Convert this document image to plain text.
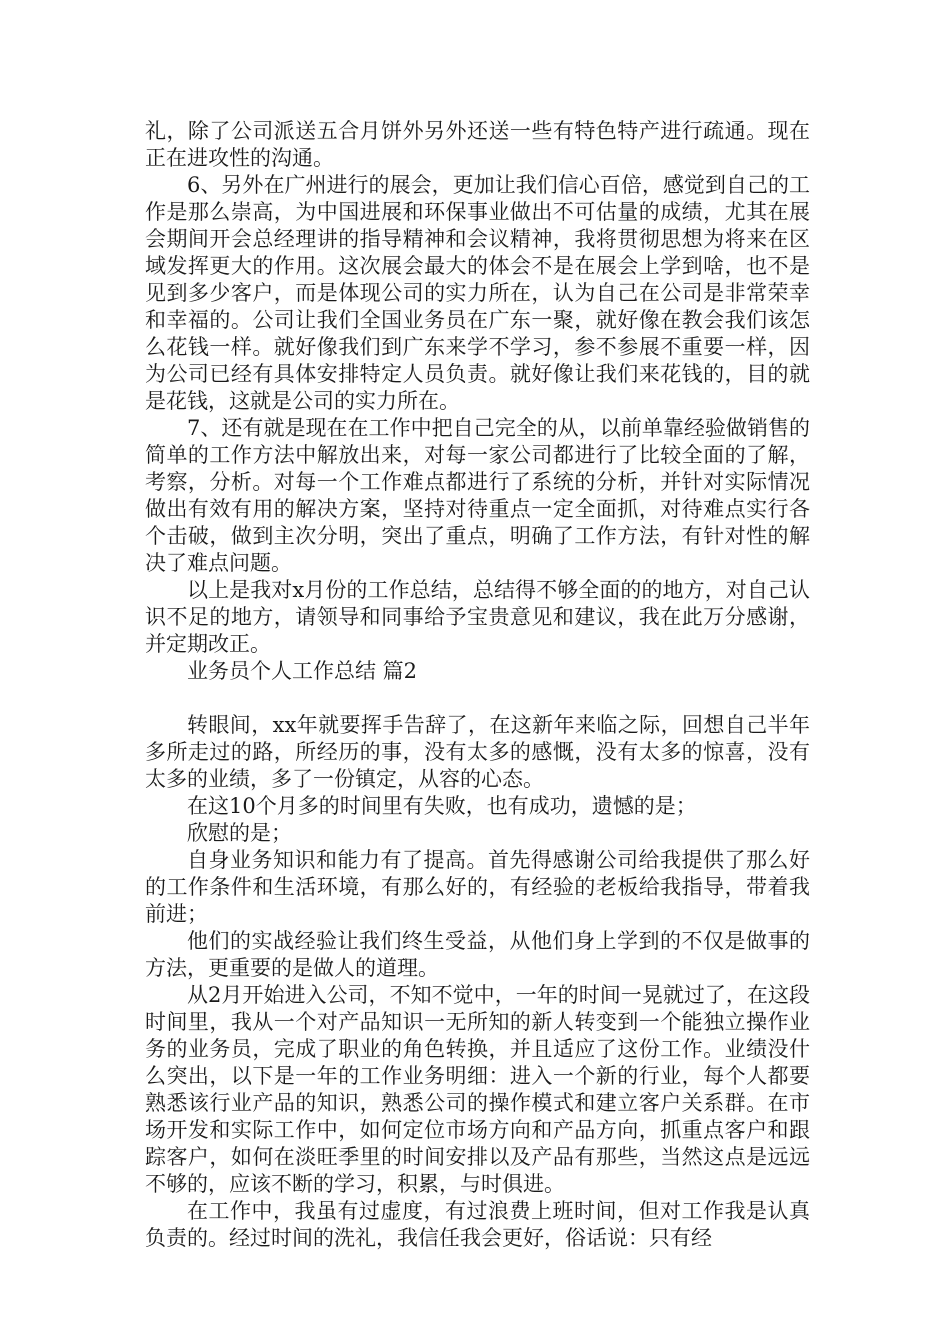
礼，除了公司派送五合月饼外另外还送一些有特色特产进行疏通。现在正在进攻性的沟通。

6、另外在广州进行的展会，更加让我们信心百倍，感觉到自己的工作是那么崇高，为中国进展和环保事业做出不可估量的成绩，尤其在展会期间开会总经理讲的指导精神和会议精神，我将贯彻思想为将来在区域发挥更大的作用。这次展会最大的体会不是在展会上学到啥，也不是见到多少客户，而是体现公司的实力所在，认为自己在公司是非常荣幸和幸福的。公司让我们全国业务员在广东一聚，就好像在教会我们该怎么花钱一样。就好像我们到广东来学不学习，参不参展不重要一样，因为公司已经有具体安排特定人员负责。就好像让我们来花钱的，目的就是花钱，这就是公司的实力所在。

7、还有就是现在在工作中把自己完全的从，以前单靠经验做销售的简单的工作方法中解放出来，对每一家公司都进行了比较全面的了解，考察，分析。对每一个工作难点都进行了系统的分析，并针对实际情况做出有效有用的解决方案，坚持对待重点一定全面抓，对待难点实行各个击破，做到主次分明，突出了重点，明确了工作方法，有针对性的解决了难点问题。

以上是我对x月份的工作总结，总结得不够全面的的地方，对自己认识不足的地方，请领导和同事给予宝贵意见和建议，我在此万分感谢，并定期改正。

业务员个人工作总结 篇2

转眼间，xx年就要挥手告辞了，在这新年来临之际，回想自己半年多所走过的路，所经历的事，没有太多的感慨，没有太多的惊喜，没有太多的业绩，多了一份镇定，从容的心态。

在这10个月多的时间里有失败，也有成功，遗憾的是；

欣慰的是；

自身业务知识和能力有了提高。首先得感谢公司给我提供了那么好的工作条件和生活环境，有那么好的，有经验的老板给我指导，带着我前进；

他们的实战经验让我们终生受益，从他们身上学到的不仅是做事的方法，更重要的是做人的道理。

从2月开始进入公司，不知不觉中，一年的时间一晃就过了，在这段时间里，我从一个对产品知识一无所知的新人转变到一个能独立操作业务的业务员，完成了职业的角色转换，并且适应了这份工作。业绩没什么突出，以下是一年的工作业务明细：进入一个新的行业，每个人都要熟悉该行业产品的知识，熟悉公司的操作模式和建立客户关系群。在市场开发和实际工作中，如何定位市场方向和产品方向，抓重点客户和跟踪客户，如何在淡旺季里的时间安排以及产品有那些，当然这点是远远不够的，应该不断的学习，积累，与时俱进。

在工作中，我虽有过虚度，有过浪费上班时间，但对工作我是认真负责的。经过时间的洗礼，我信任我会更好，俗话说：只有经
